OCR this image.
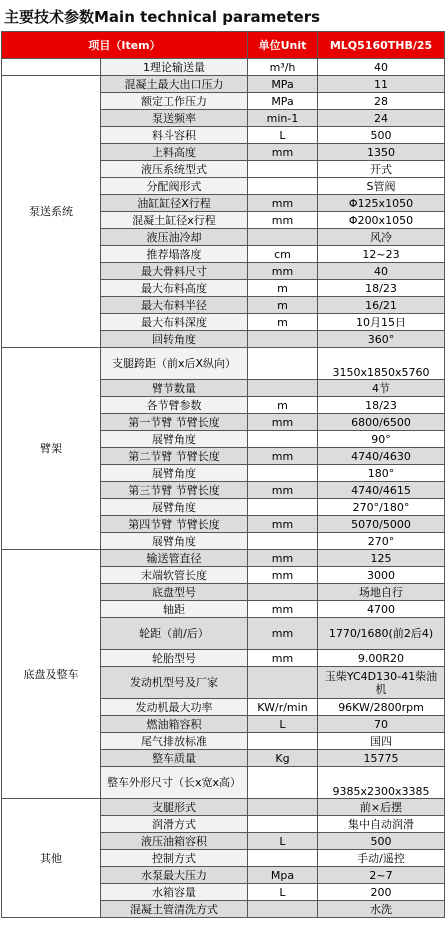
主要技术参数Main technical parameters
项目（Item）		单位Unit	MLQ5160THB/25
	1理论输送量	m³/h	40
泵送系统	混凝土最大出口压力	MPa	11
	额定工作压力	MPa	28
	泵送频率	min-1	24
	料斗容积	L	500
	上料高度	mm	1350
	液压系统型式		开式
	分配阀形式		S管阀
	油缸缸径X行程	mm	Φ125x1050
	混凝土缸径x行程	mm	Φ200x1050
	液压油冷却		风冷
	推荐塌落度	cm	12~23
	最大骨料尺寸	mm	40
	最大布料高度	m	18/23
	最大布料半径	m	16/21
	最大布料深度	m	10月15日
	回转角度		360°
臂架	支腿跨距（前x后X纵向）		3150x1850x5760
	臂节数量		4节
	各节臂参数	m	18/23
	第一节臂 节臂长度	mm	6800/6500
	展臂角度		90°
	第二节臂 节臂长度	mm	4740/4630
	展臂角度		180°
	第三节臂 节臂长度	mm	4740/4615
	展臂角度		270°/180°
	第四节臂 节臂长度	mm	5070/5000
	展臂角度		270°
底盘及整车	输送管直径	mm	125
	末端软管长度	mm	3000
	底盘型号		场地自行
	轴距	mm	4700
	轮距（前/后）	mm	1770/1680(前2后4)
	轮胎型号	mm	9.00R20
	发动机型号及厂家		玉柴YC4D130-41柴油机
	发动机最大功率	KW/r/min	96KW/2800rpm
	燃油箱容积	L	70
	尾气排放标准		国四
	整车质量	Kg	15775
	整车外形尺寸（长x宽x高）		9385x2300x3385
其他	支腿形式		前×后摆
	润滑方式		集中自动润滑
	液压油箱容积	L	500
	控制方式		手动/遥控
	水泵最大压力	Mpa	2~7
	水箱容量	L	200
	混凝土管清洗方式		水洗
